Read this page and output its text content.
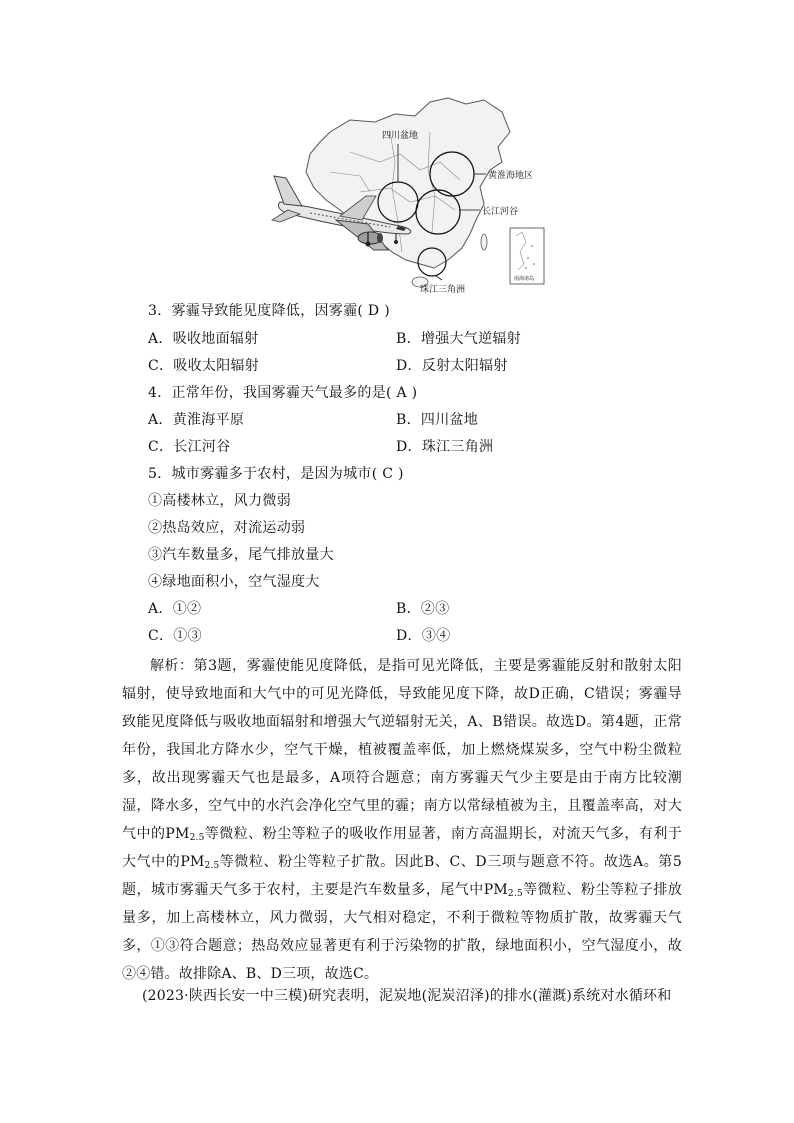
四川盆地
黄淮海地区
长江河谷
珠江三角洲
南海诸岛
3．雾霾导致能见度降低，因雾霾( D )
A．吸收地面辐射	B．增强大气逆辐射
C．吸收太阳辐射	D．反射太阳辐射
4．正常年份，我国雾霾天气最多的是( A )
A．黄淮海平原	B．四川盆地
C．长江河谷	D．珠江三角洲
5．城市雾霾多于农村，是因为城市( C )
①高楼林立，风力微弱
②热岛效应，对流运动弱
③汽车数量多，尾气排放量大
④绿地面积小，空气湿度大
A．①②	B．②③
C．①③	D．③④

解析：第3题，雾霾使能见度降低，是指可见光降低，主要是雾霾能反射和散射太阳辐射，使导致地面和大气中的可见光降低，导致能见度下降，故D正确，C错误；雾霾导致能见度降低与吸收地面辐射和增强大气逆辐射无关，A、B错误。故选D。第4题，正常年份，我国北方降水少，空气干燥，植被覆盖率低，加上燃烧煤炭多，空气中粉尘微粒多，故出现雾霾天气也是最多，A项符合题意；南方雾霾天气少主要是由于南方比较潮湿，降水多，空气中的水汽会净化空气里的霾；南方以常绿植被为主，且覆盖率高，对大气中的$PM_{2.5}$等微粒、粉尘等粒子的吸收作用显著，南方高温期长，对流天气多，有利于大气中的$PM_{2.5}$等微粒、粉尘等粒子扩散。因此B、C、D三项与题意不符。故选A。第5题，城市雾霾天气多于农村，主要是汽车数量多，尾气中$PM_{2.5}$等微粒、粉尘等粒子排放量多，加上高楼林立，风力微弱，大气相对稳定，不利于微粒等物质扩散，故雾霾天气多，①③符合题意；热岛效应显著更有利于污染物的扩散，绿地面积小，空气湿度小，故②④错。故排除A、B、D三项，故选C。

(2023·陕西长安一中三模)研究表明，泥炭地(泥炭沼泽)的排水(灌溉)系统对水循环和
